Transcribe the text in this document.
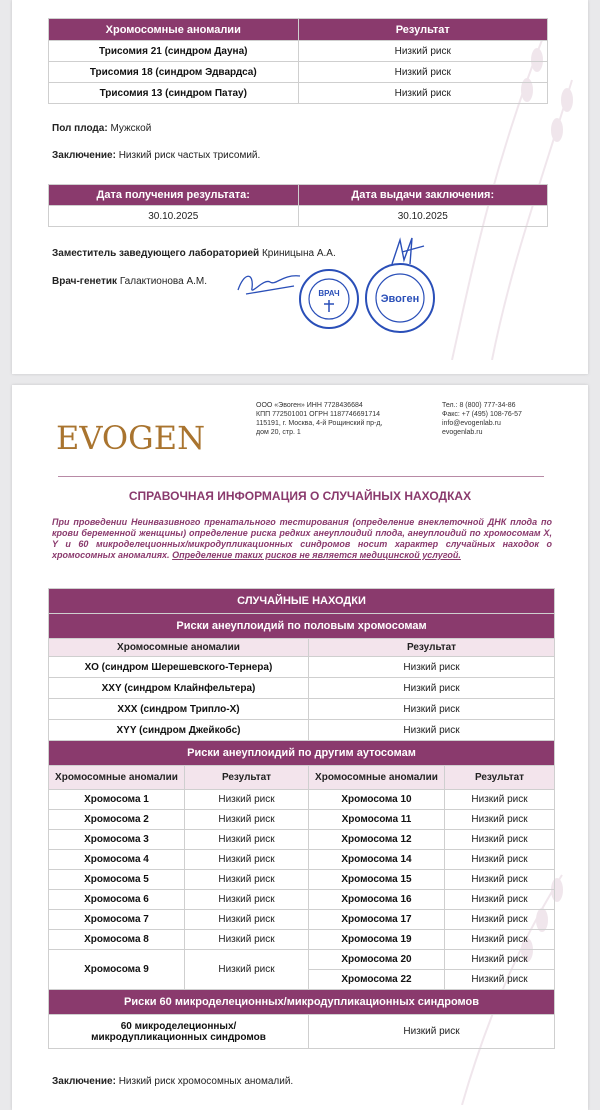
Хромосомные аномалии	Результат
Трисомия 21 (синдром Дауна)	Низкий риск
Трисомия 18 (синдром Эдвардса)	Низкий риск
Трисомия 13 (синдром Патау)	Низкий риск
Пол плода: Мужской
Заключение: Низкий риск частых трисомий.
Дата получения результата:	Дата выдачи заключения:
30.10.2025	30.10.2025
Заместитель заведующего лабораторией Криницына А.А.
Врач-генетик Галактионова А.М.
ВРАЧ	Эвоген
EVOGEN
ООО «Эвоген» ИНН 7728436684
КПП 772501001 ОГРН 1187746691714
115191, г. Москва, 4-й Рощинский пр-д,
дом 20, стр. 1
Тел.: 8 (800) 777-34-86
Факс: +7 (495) 108-76-57
info@evogenlab.ru
evogenlab.ru
СПРАВОЧНАЯ ИНФОРМАЦИЯ О СЛУЧАЙНЫХ НАХОДКАХ
При проведении Неинвазивного пренатального тестирования (определение внеклеточной ДНК плода по крови беременной женщины) определение риска редких анеуплоидий плода, анеуплоидий по хромосомам X, Y и 60 микроделеционных/микродупликационных синдромов носит характер случайных находок о хромосомных аномалиях. Определение таких рисков не является медицинской услугой.
СЛУЧАЙНЫЕ НАХОДКИ			
Риски анеуплоидий по половым хромосомам			
Хромосомные аномалии		Результат	
ХО (синдром Шерешевского-Тернера)		Низкий риск	
XXY (синдром Клайнфельтера)		Низкий риск	
XXX (синдром Трипло-Х)		Низкий риск	
XYY (синдром Джейкобс)		Низкий риск	
Риски анеуплоидий по другим аутосомам			
Хромосомные аномалии	Результат	Хромосомные аномалии	Результат
Хромосома 1	Низкий риск	Хромосома 10	Низкий риск
Хромосома 2	Низкий риск	Хромосома 11	Низкий риск
Хромосома 3	Низкий риск	Хромосома 12	Низкий риск
Хромосома 4	Низкий риск	Хромосома 14	Низкий риск
Хромосома 5	Низкий риск	Хромосома 15	Низкий риск
Хромосома 6	Низкий риск	Хромосома 16	Низкий риск
Хромосома 7	Низкий риск	Хромосома 17	Низкий риск
Хромосома 8	Низкий риск	Хромосома 19	Низкий риск
Хромосома 9	Низкий риск	Хромосома 20	Низкий риск
		Хромосома 22	Низкий риск
Риски 60 микроделеционных/микродупликационных синдромов			

60 микроделеционных/
микродупликационных синдромов		Низкий риск	
Заключение: Низкий риск хромосомных аномалий.
